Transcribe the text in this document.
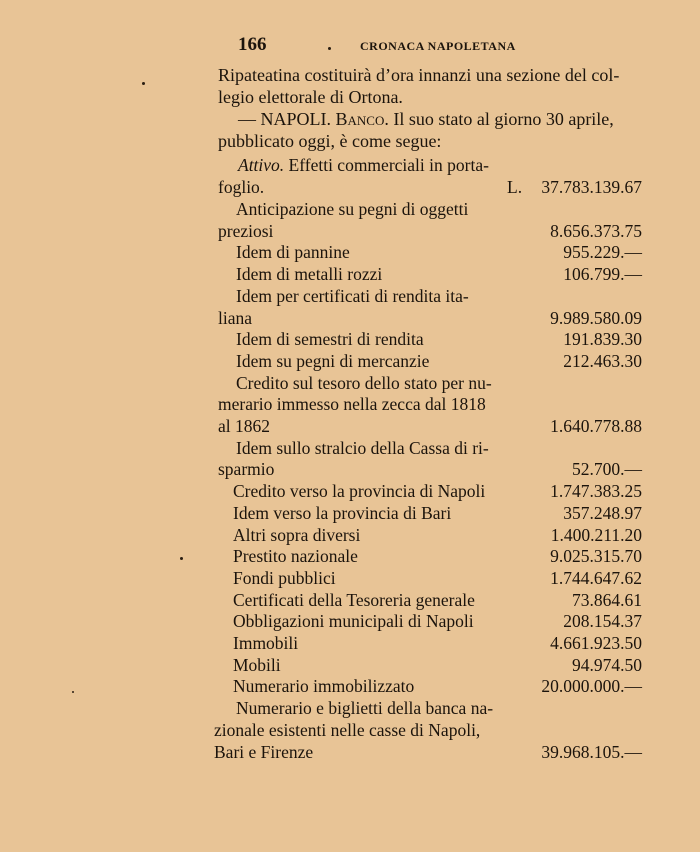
166	CRONACA NAPOLETANA
Ripateatina costituirà d’ora innanzi una sezione del col-
legio elettorale di Ortona.
— NAPOLI. Banco. Il suo stato al giorno 30 aprile,
pubblicato oggi, è come segue:
Attivo. Effetti commerciali in porta-
foglio.	L. 37.783.139.67
Anticipazione su pegni di oggetti
preziosi	8.656.373.75
Idem di pannine	955.229.—
Idem di metalli rozzi	106.799.—
Idem per certificati di rendita ita-
liana	9.989.580.09
Idem di semestri di rendita	191.839.30
Idem su pegni di mercanzie	212.463.30
Credito sul tesoro dello stato per nu-
merario immesso nella zecca dal 1818
al 1862	1.640.778.88
Idem sullo stralcio della Cassa di ri-
sparmio	52.700.—
Credito verso la provincia di Napoli	1.747.383.25
Idem verso la provincia di Bari	357.248.97
Altri sopra diversi	1.400.211.20
Prestito nazionale	9.025.315.70
Fondi pubblici	1.744.647.62
Certificati della Tesoreria generale	73.864.61
Obbligazioni municipali di Napoli	208.154.37
Immobili	4.661.923.50
Mobili	94.974.50
Numerario immobilizzato	20.000.000.—
Numerario e biglietti della banca na-
zionale esistenti nelle casse di Napoli,
Bari e Firenze	39.968.105.—
